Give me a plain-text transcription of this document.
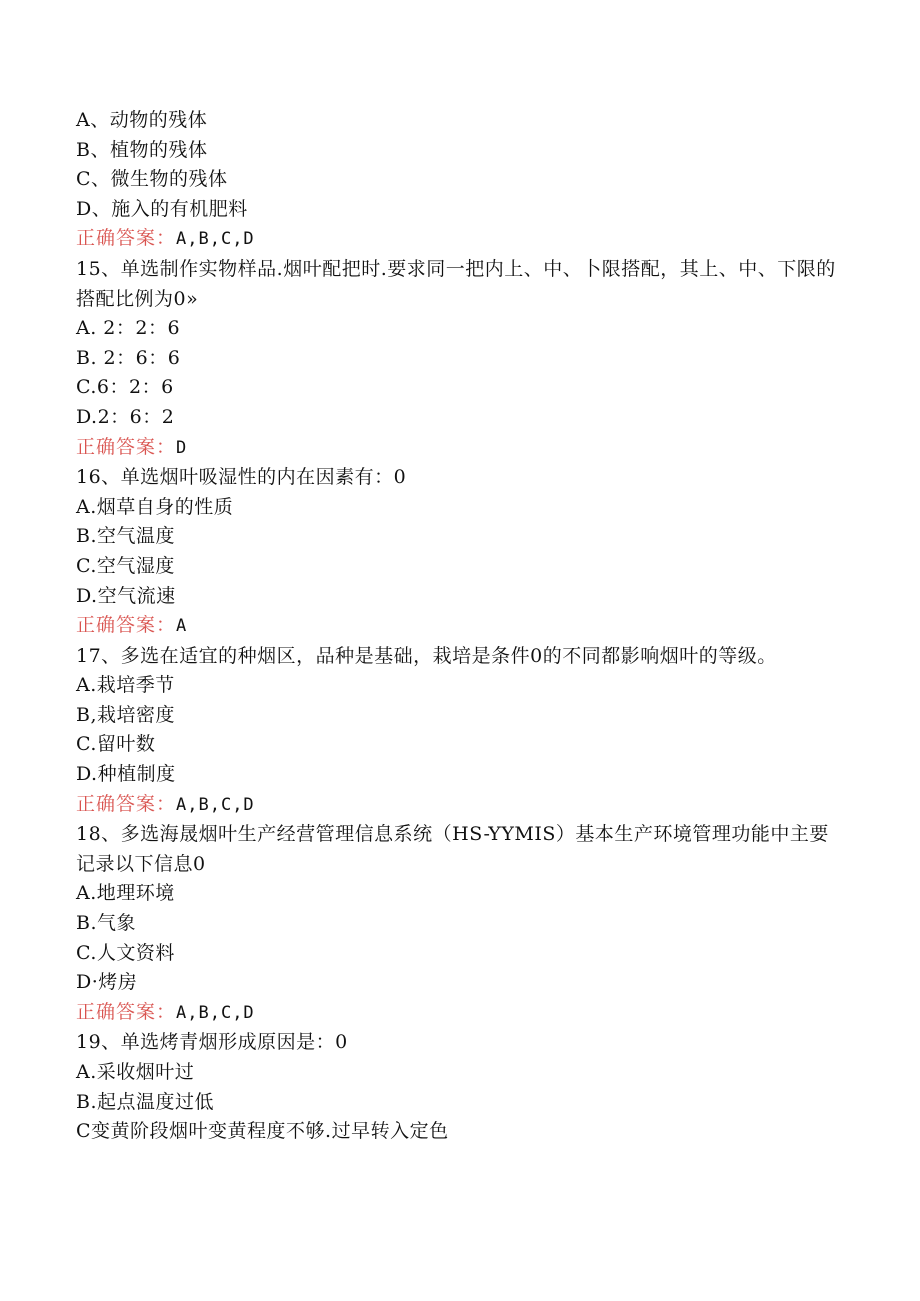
A、动物的残体
B、植物的残体
C、微生物的残体
D、施入的有机肥料
正确答案：A,B,C,D
15、单选制作实物样品.烟叶配把时.要求同一把内上、中、卜限搭配，其上、中、下限的搭配比例为0»
A. 2：2：6
B. 2：6：6
C.6：2：6
D.2：6：2
正确答案：D
16、单选烟叶吸湿性的内在因素有：0
A.烟草自身的性质
B.空气温度
C.空气湿度
D.空气流速
正确答案：A
17、多选在适宜的种烟区，品种是基础，栽培是条件0的不同都影响烟叶的等级。
A.栽培季节
B,栽培密度
C.留叶数
D.种植制度
正确答案：A,B,C,D
18、多选海晟烟叶生产经营管理信息系统（HS-YYMIS）基本生产环境管理功能中主要记录以下信息0
A.地理环境
B.气象
C.人文资料
D·烤房
正确答案：A,B,C,D
19、单选烤青烟形成原因是：0
A.采收烟叶过
B.起点温度过低
C变黄阶段烟叶变黄程度不够.过早转入定色
